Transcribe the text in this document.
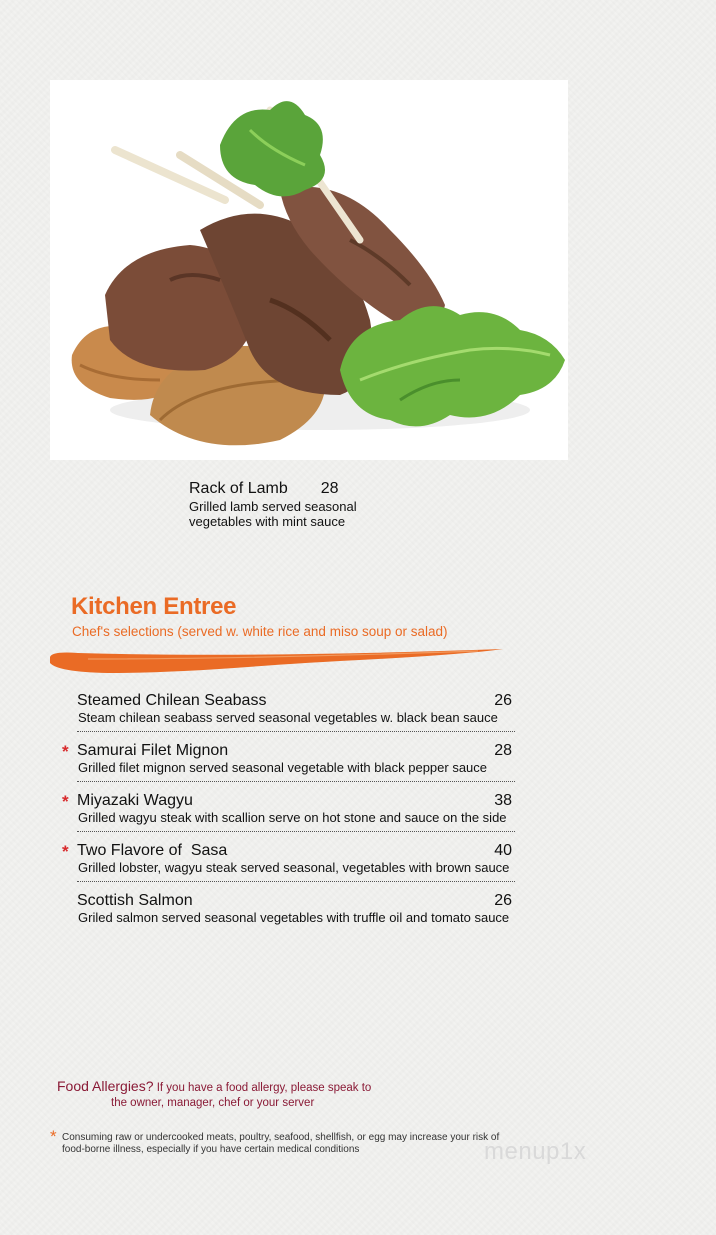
Rack of Lamb 28
Grilled lamb served seasonal vegetables with mint sauce
Kitchen Entree
Chef's selections (served w. white rice and miso soup or salad)
Steamed Chilean Seabass	26
Steam chilean seabass served seasonal vegetables w. black bean sauce
* Samurai Filet Mignon	28
Grilled filet mignon served seasonal vegetable with black pepper sauce
* Miyazaki Wagyu	38
Grilled wagyu steak with scallion serve on hot stone and sauce on the side
* Two Flavore of  Sasa	40
Grilled lobster, wagyu steak served seasonal, vegetables with brown sauce
Scottish Salmon	26
Griled salmon served seasonal vegetables with truffle oil and tomato sauce
Food Allergies? If you have a food allergy, please speak to
the owner, manager, chef or your server
* Consuming raw or undercooked meats, poultry, seafood, shellfish, or egg may increase your risk of food-borne illness, especially if you have certain medical conditions	menup1x
